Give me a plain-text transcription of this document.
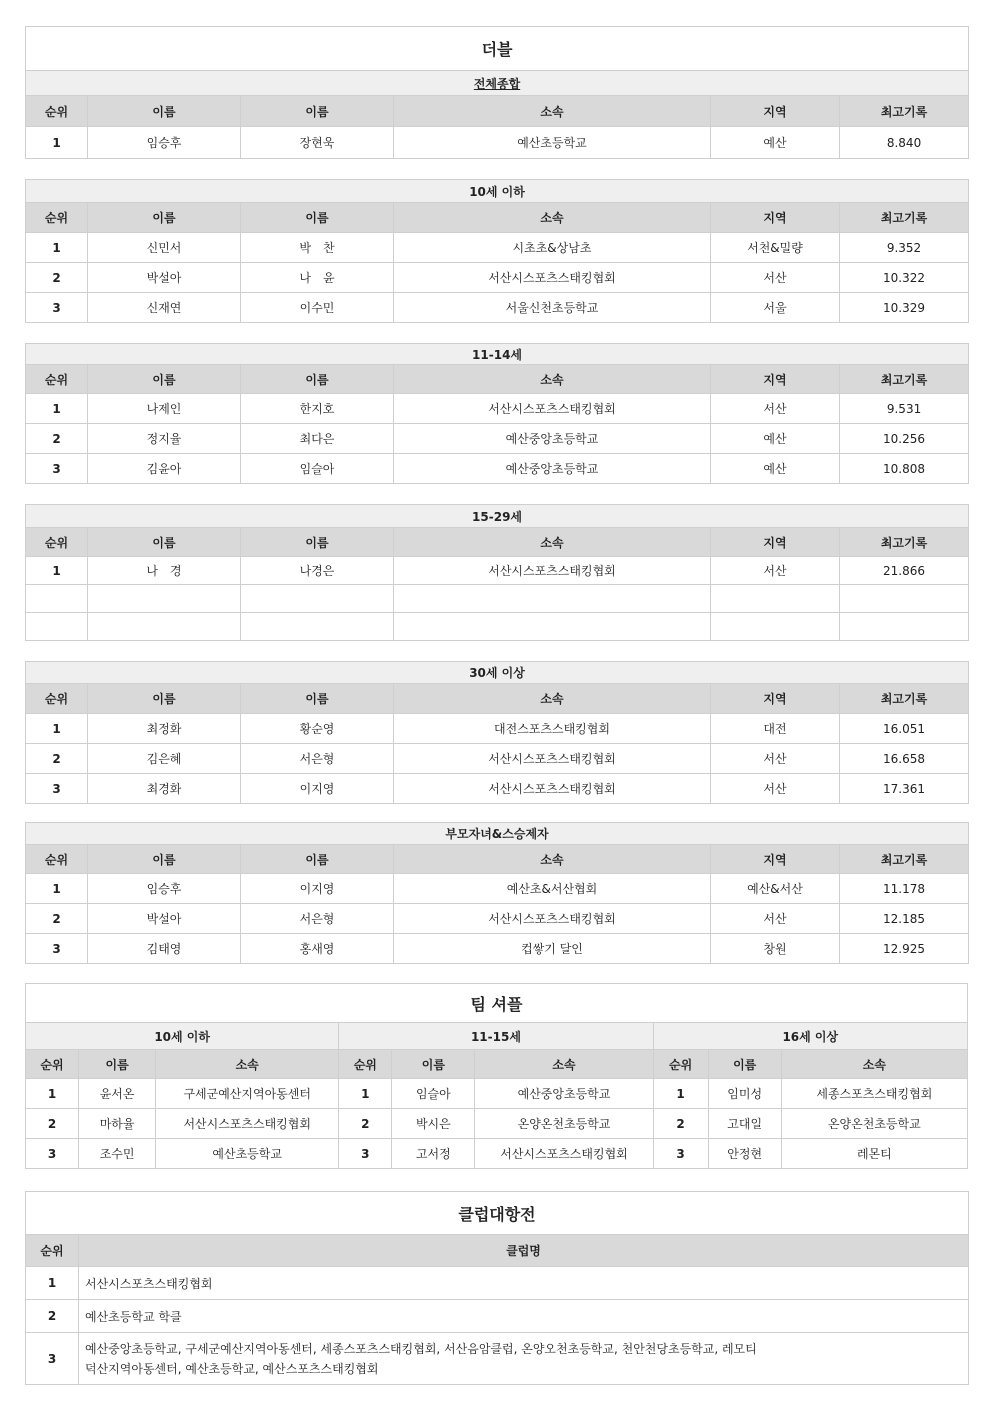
더블					
전체종합					
순위	이름	이름	소속	지역	최고기록
1	임승후	장현욱	예산초등학교	예산	8.840
10세 이하					
순위	이름	이름	소속	지역	최고기록
1	신민서	박　찬	시초초&상남초	서천&밀량	9.352
2	박설아	나　윤	서산시스포츠스태킹협회	서산	10.322
3	신재연	이수민	서울신천초등학교	서울	10.329
11-14세					
순위	이름	이름	소속	지역	최고기록
1	나제인	한지호	서산시스포츠스태킹협회	서산	9.531
2	정지율	최다은	예산중앙초등학교	예산	10.256
3	김윤아	임슬아	예산중앙초등학교	예산	10.808
15-29세					
순위	이름	이름	소속	지역	최고기록
1	나　경	나경은	서산시스포츠스태킹협회	서산	21.866

30세 이상					
순위	이름	이름	소속	지역	최고기록
1	최정화	황순영	대전스포츠스태킹협회	대전	16.051
2	김은혜	서은형	서산시스포츠스태킹협회	서산	16.658
3	최경화	이지영	서산시스포츠스태킹협회	서산	17.361
부모자녀&스승제자					
순위	이름	이름	소속	지역	최고기록
1	임승후	이지영	예산초&서산협회	예산&서산	11.178
2	박설아	서은형	서산시스포츠스태킹협회	서산	12.185
3	김태영	홍새영	컵쌓기 달인	창원	12.925
팀 셔플								
10세 이하			11-15세			16세 이상		
순위	이름	소속	순위	이름	소속	순위	이름	소속
1	윤서온	구세군예산지역아동센터	1	임슬아	예산중앙초등학교	1	임미성	세종스포츠스태킹협회
2	마하율	서산시스포츠스태킹협회	2	박시은	온양온천초등학교	2	고대일	온양온천초등학교
3	조수민	예산초등학교	3	고서정	서산시스포츠스태킹협회	3	안정현	레몬티
클럽대항전	
순위	클럽명
1	서산시스포츠스태킹협회

2	예산초등학교 학클

3	예산중앙초등학교, 구세군예산지역아동센터, 세종스포츠스태킹협회, 서산음암클럽, 온양오천초등학교, 천안천당초등학교, 레모티
덕산지역아동센터, 예산초등학교, 예산스포츠스태킹협회
